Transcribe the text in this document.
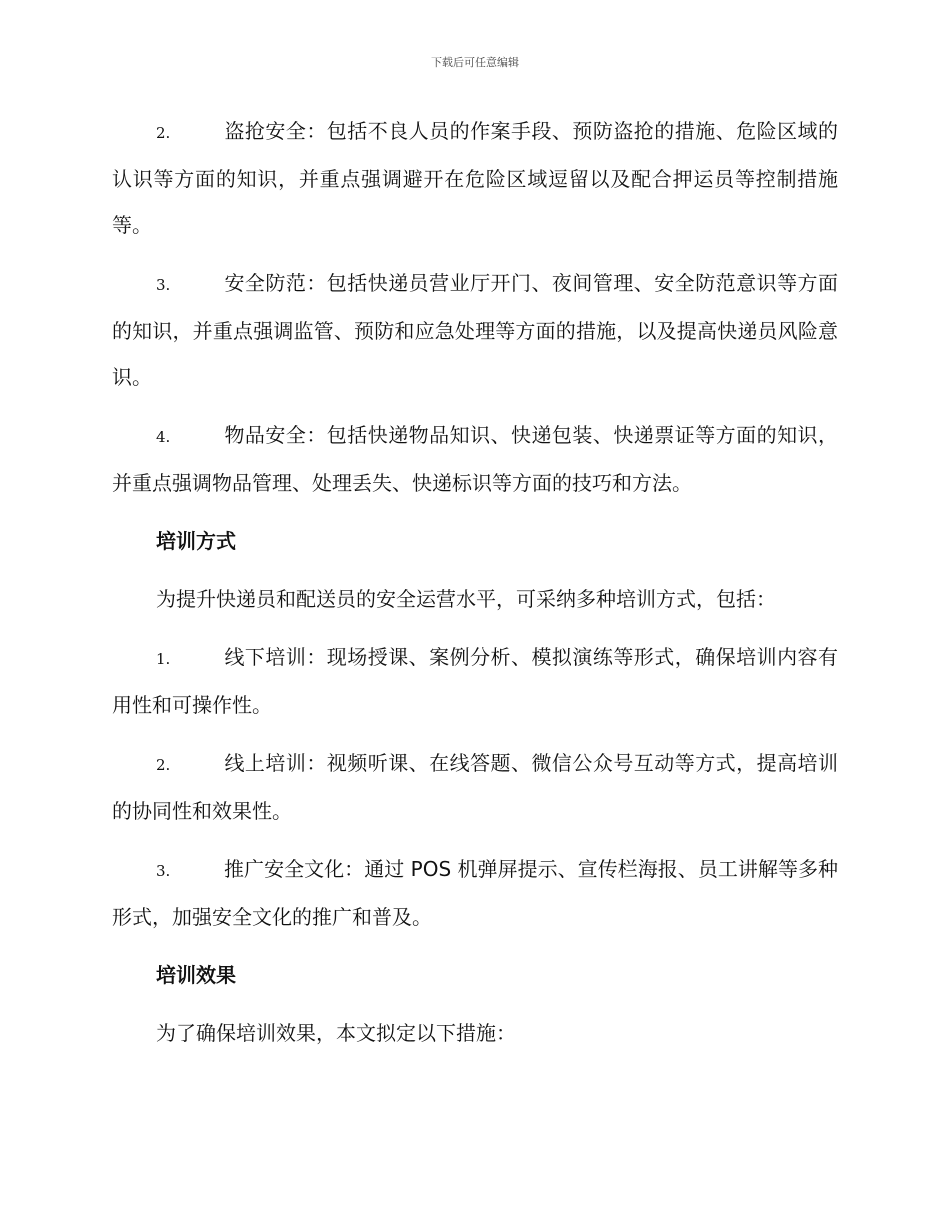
下载后可任意编辑

2.	盗抢安全：包括不良人员的作案手段、预防盗抢的措施、危险区域的认识等方面的知识，并重点强调避开在危险区域逗留以及配合押运员等控制措施等。

3.	安全防范：包括快递员营业厅开门、夜间管理、安全防范意识等方面的知识，并重点强调监管、预防和应急处理等方面的措施，以及提高快递员风险意识。

4.	物品安全：包括快递物品知识、快递包装、快递票证等方面的知识，并重点强调物品管理、处理丢失、快递标识等方面的技巧和方法。

培训方式

为提升快递员和配送员的安全运营水平，可采纳多种培训方式，包括：

1.	线下培训：现场授课、案例分析、模拟演练等形式，确保培训内容有用性和可操作性。

2.	线上培训：视频听课、在线答题、微信公众号互动等方式，提高培训的协同性和效果性。

3.	推广安全文化：通过 POS 机弹屏提示、宣传栏海报、员工讲解等多种形式，加强安全文化的推广和普及。

培训效果

为了确保培训效果，本文拟定以下措施：
